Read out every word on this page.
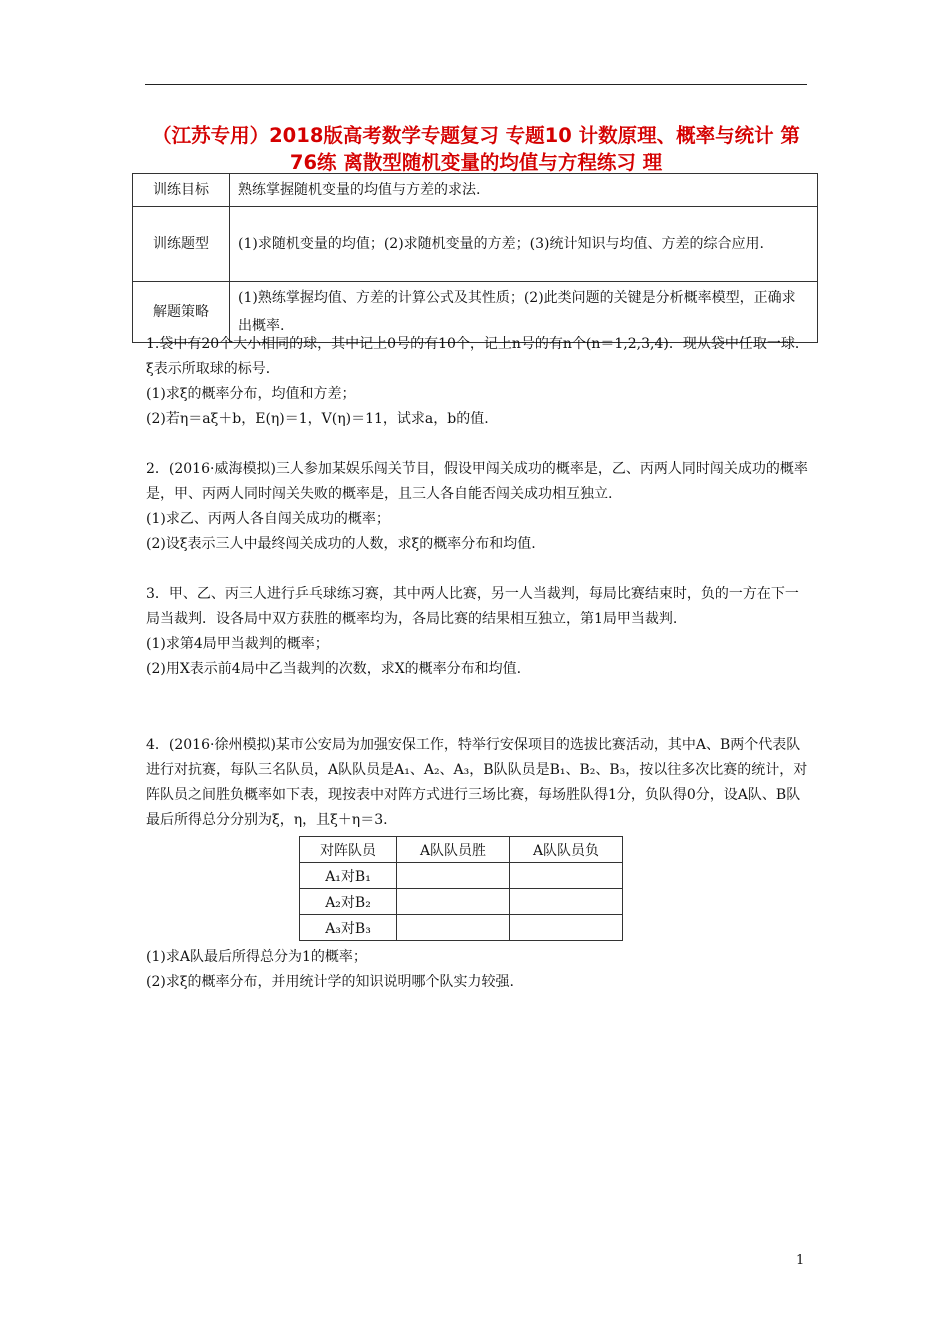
（江苏专用）2018版高考数学专题复习 专题10 计数原理、概率与统计 第76练 离散型随机变量的均值与方程练习 理
训练目标	熟练掌握随机变量的均值与方差的求法.
训练题型	(1)求随机变量的均值；(2)求随机变量的方差；(3)统计知识与均值、方差的综合应用.
解题策略	(1)熟练掌握均值、方差的计算公式及其性质；(2)此类问题的关键是分析概率模型，正确求出概率.

1.袋中有20个大小相同的球，其中记上0号的有10个，记上n号的有n个(n＝1,2,3,4)．现从袋中任取一球．ξ表示所取球的标号．

(1)求ξ的概率分布，均值和方差；

(2)若η＝aξ＋b，E(η)＝1，V(η)＝11，试求a，b的值.

2．(2016·威海模拟)三人参加某娱乐闯关节目，假设甲闯关成功的概率是，乙、丙两人同时闯关成功的概率是，甲、丙两人同时闯关失败的概率是，且三人各自能否闯关成功相互独立.

(1)求乙、丙两人各自闯关成功的概率；

(2)设ξ表示三人中最终闯关成功的人数，求ξ的概率分布和均值.

3．甲、乙、丙三人进行乒乓球练习赛，其中两人比赛，另一人当裁判，每局比赛结束时，负的一方在下一局当裁判．设各局中双方获胜的概率均为，各局比赛的结果相互独立，第1局甲当裁判.

(1)求第4局甲当裁判的概率；

(2)用X表示前4局中乙当裁判的次数，求X的概率分布和均值.

4．(2016·徐州模拟)某市公安局为加强安保工作，特举行安保项目的选拔比赛活动，其中A、B两个代表队进行对抗赛，每队三名队员，A队队员是A₁、A₂、A₃，B队队员是B₁、B₂、B₃，按以往多次比赛的统计，对阵队员之间胜负概率如下表，现按表中对阵方式进行三场比赛，每场胜队得1分，负队得0分，设A队、B队最后所得总分分别为ξ，η，且ξ＋η＝3.

对阵队员	A队队员胜	A队队员负
A₁对B₁		
A₂对B₂		
A₃对B₃		

(1)求A队最后所得总分为1的概率；

(2)求ξ的概率分布，并用统计学的知识说明哪个队实力较强.

1
